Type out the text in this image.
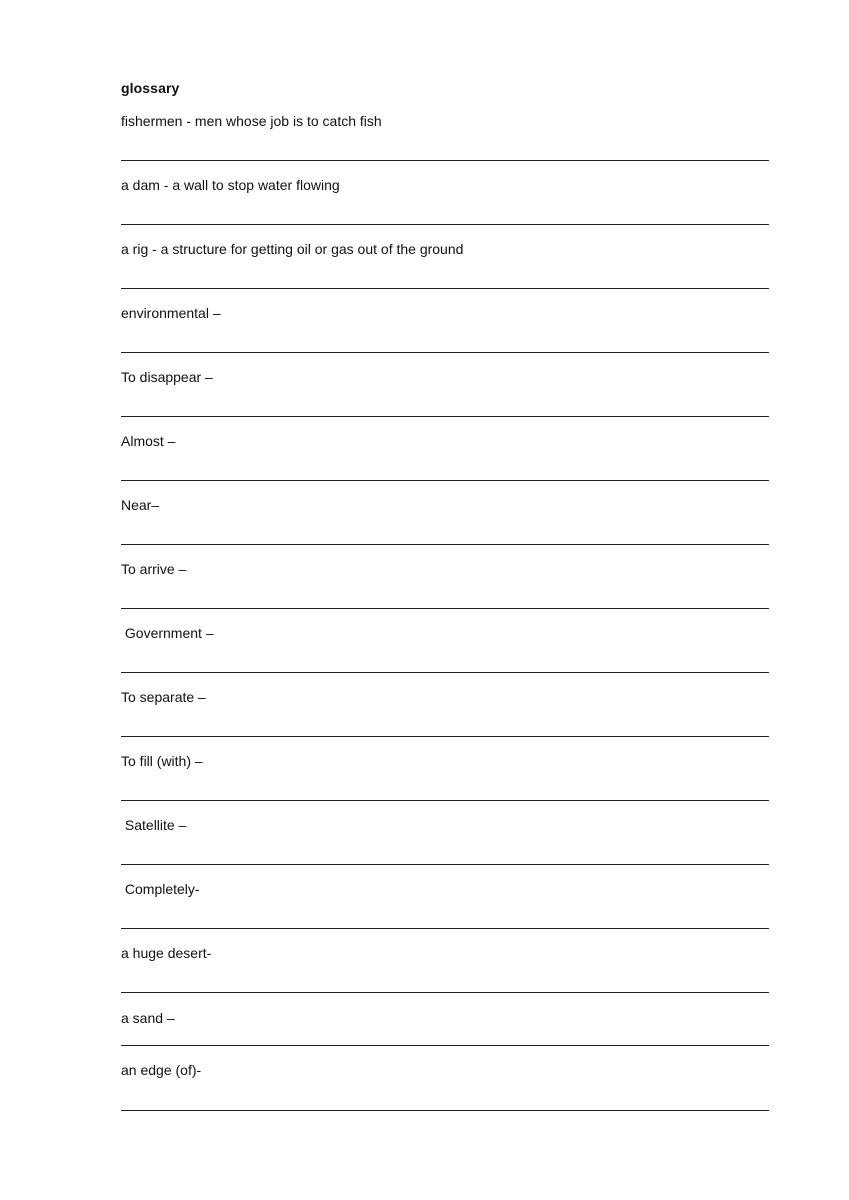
glossary
fishermen - men whose job is to catch fish
a dam - a wall to stop water flowing
a rig - a structure for getting oil or gas out of the ground
environmental –
To disappear –
Almost –
Near–
To arrive –
Government –
To separate –
To fill (with) –
Satellite –
Completely-
a huge desert-
a sand –
an edge (of)-
